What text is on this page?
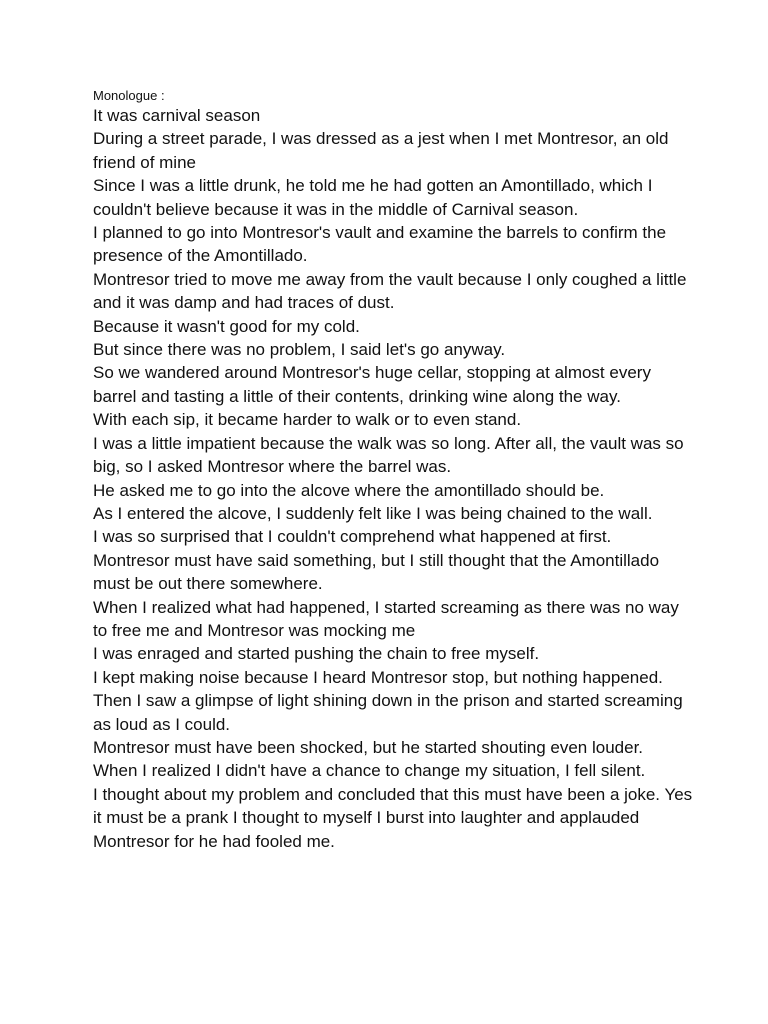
Monologue :

It was carnival season

During a street parade, I was dressed as a jest when I met Montresor, an old friend of mine

Since I was a little drunk, he told me he had gotten an Amontillado, which I couldn't believe because it was in the middle of Carnival season.

I planned to go into Montresor's vault and examine the barrels to confirm the presence of the Amontillado.

Montresor tried to move me away from the vault because I only coughed a little and it was damp and had traces of dust.

Because it wasn't good for my cold.

But since there was no problem, I said let's go anyway.

So we wandered around Montresor's huge cellar, stopping at almost every barrel and tasting a little of their contents, drinking wine along the way.

With each sip, it became harder to walk or to even stand.

I was a little impatient because the walk was so long. After all, the vault was so big, so I asked Montresor where the barrel was.

He asked me to go into the alcove where the amontillado should be.

As I entered the alcove, I suddenly felt like I was being chained to the wall.

I was so surprised that I couldn't comprehend what happened at first.

Montresor must have said something, but I still thought that the Amontillado must be out there somewhere.

When I realized what had happened, I started screaming as there was no way to free me and Montresor was mocking me

I was enraged and started pushing the chain to free myself.

I kept making noise because I heard Montresor stop, but nothing happened.

Then I saw a glimpse of light shining down in the prison and started screaming as loud as I could.

Montresor must have been shocked, but he started shouting even louder.

When I realized I didn't have a chance to change my situation, I fell silent.

I thought about my problem and concluded that this must have been a joke. Yes it must be a prank I thought to myself I burst into laughter and applauded Montresor for he had fooled me.
